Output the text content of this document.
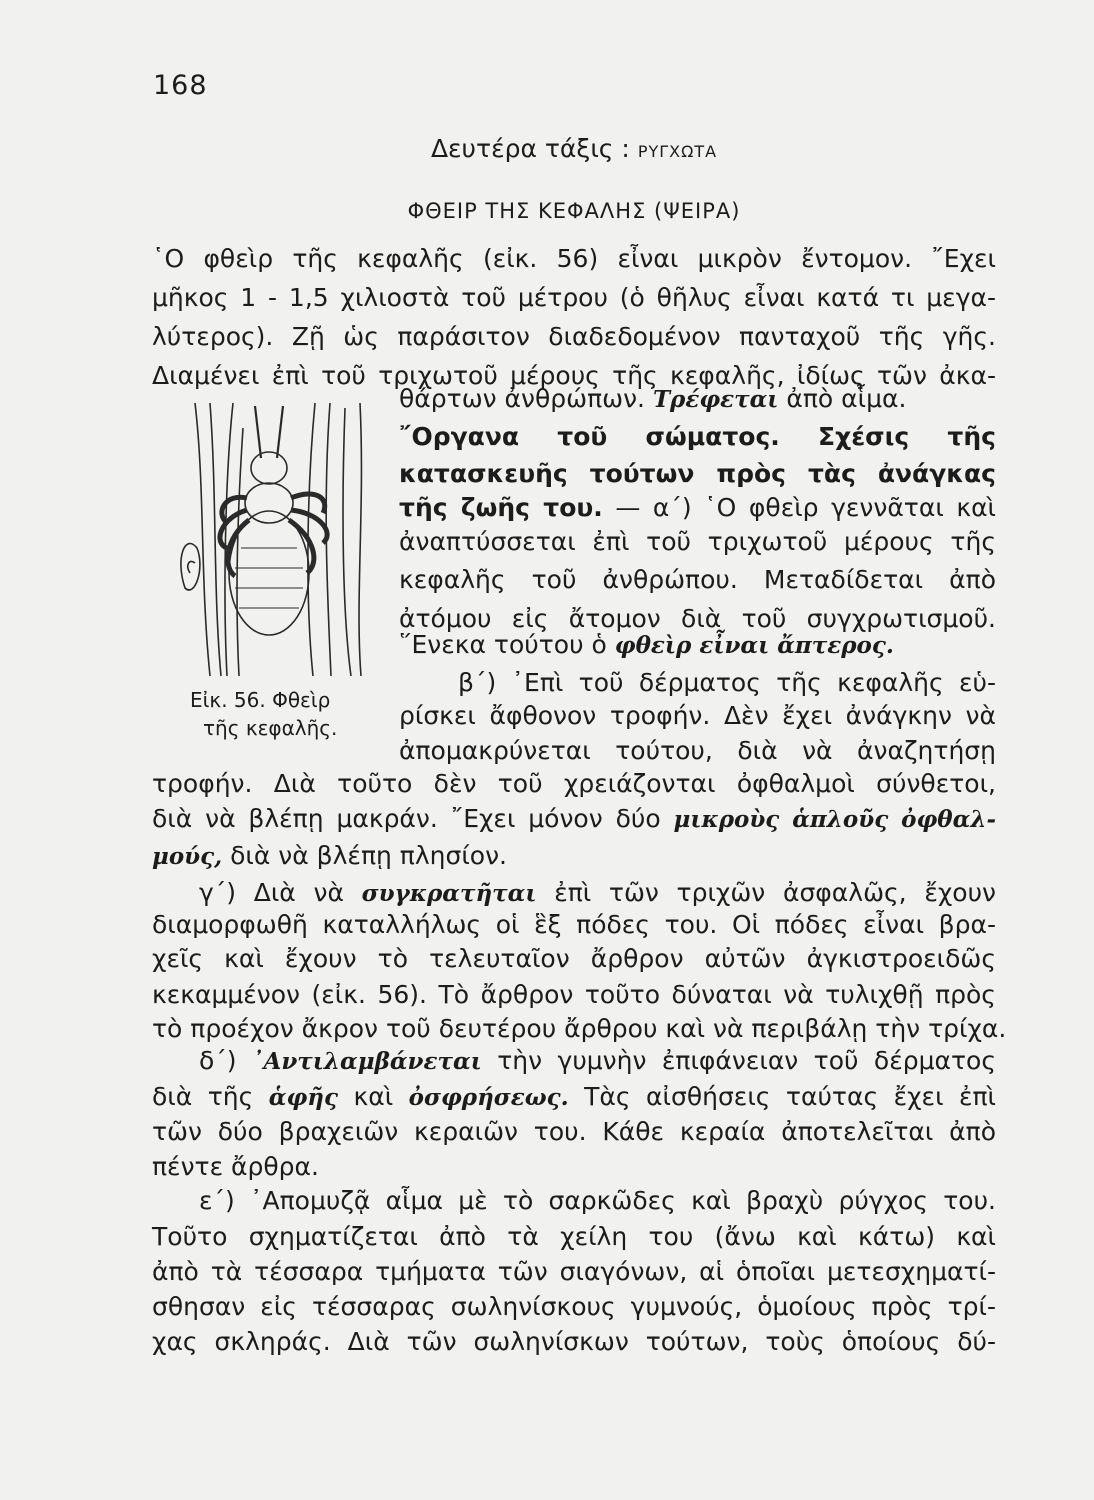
168
Δευτέρα τάξις : ΡΥΓΧΩΤΑ
ΦΘΕΙΡ ΤΗΣ ΚΕΦΑΛΗΣ (ΨΕΙΡΑ)
῾Ο φθεὶρ τῆς κεφαλῆς (εἰκ. 56) εἶναι μικρὸν ἔντομον. ῎Εχει
μῆκος 1 - 1,5 χιλιοστὰ τοῦ μέτρου (ὁ θῆλυς εἶναι κατά τι μεγα-
λύτερος). Ζῇ ὡς παράσιτον διαδεδομένον πανταχοῦ τῆς γῆς.
Διαμένει ἐπὶ τοῦ τριχωτοῦ μέρους τῆς κεφαλῆς, ἰδίως τῶν ἀκα-
θάρτων ἀνθρώπων. Τρέφεται ἀπὸ αἷμα.
῎Οργανα τοῦ σώματος. Σχέσις τῆς
κατασκευῆς τούτων πρὸς τὰς ἀνάγκας
τῆς ζωῆς του. — α΄) ῾Ο φθεὶρ γεννᾶται καὶ
ἀναπτύσσεται ἐπὶ τοῦ τριχωτοῦ μέρους τῆς
κεφαλῆς τοῦ ἀνθρώπου. Μεταδίδεται ἀπὸ
ἀτόμου εἰς ἄτομον διὰ τοῦ συγχρωτισμοῦ.
῞Ενεκα τούτου ὁ φθεὶρ εἶναι ἄπτερος.
β΄) ᾿Επὶ τοῦ δέρματος τῆς κεφαλῆς εὑ-
ρίσκει ἄφθονον τροφήν. Δὲν ἔχει ἀνάγκην νὰ
ἀπομακρύνεται τούτου, διὰ νὰ ἀναζητήσῃ
Εἰκ. 56. Φθεὶρ
τῆς κεφαλῆς.
τροφήν. Διὰ τοῦτο δὲν τοῦ χρειάζονται ὀφθαλμοὶ σύνθετοι,
διὰ νὰ βλέπῃ μακράν. ῎Εχει μόνον δύο μικροὺς ἁπλοῦς ὀφθαλ-
μούς, διὰ νὰ βλέπῃ πλησίον.
γ΄) Διὰ νὰ συγκρατῆται ἐπὶ τῶν τριχῶν ἀσφαλῶς, ἔχουν
διαμορφωθῆ καταλλήλως οἱ ἓξ πόδες του. Οἱ πόδες εἶναι βρα-
χεῖς καὶ ἔχουν τὸ τελευταῖον ἄρθρον αὐτῶν ἀγκιστροειδῶς
κεκαμμένον (εἰκ. 56). Τὸ ἄρθρον τοῦτο δύναται νὰ τυλιχθῇ πρὸς
τὸ προέχον ἄκρον τοῦ δευτέρου ἄρθρου καὶ νὰ περιβάλῃ τὴν τρίχα.
δ΄) ᾿Αντιλαμβάνεται τὴν γυμνὴν ἐπιφάνειαν τοῦ δέρματος
διὰ τῆς ἁφῆς καὶ ὀσφρήσεως. Τὰς αἰσθήσεις ταύτας ἔχει ἐπὶ
τῶν δύο βραχειῶν κεραιῶν του. Κάθε κεραία ἀποτελεῖται ἀπὸ
πέντε ἄρθρα.
ε΄) ᾿Απομυζᾷ αἷμα μὲ τὸ σαρκῶδες καὶ βραχὺ ρύγχος του.
Τοῦτο σχηματίζεται ἀπὸ τὰ χείλη του (ἄνω καὶ κάτω) καὶ
ἀπὸ τὰ τέσσαρα τμήματα τῶν σιαγόνων, αἱ ὁποῖαι μετεσχηματί-
σθησαν εἰς τέσσαρας σωληνίσκους γυμνούς, ὁμοίους πρὸς τρί-
χας σκληράς. Διὰ τῶν σωληνίσκων τούτων, τοὺς ὁποίους δύ-
